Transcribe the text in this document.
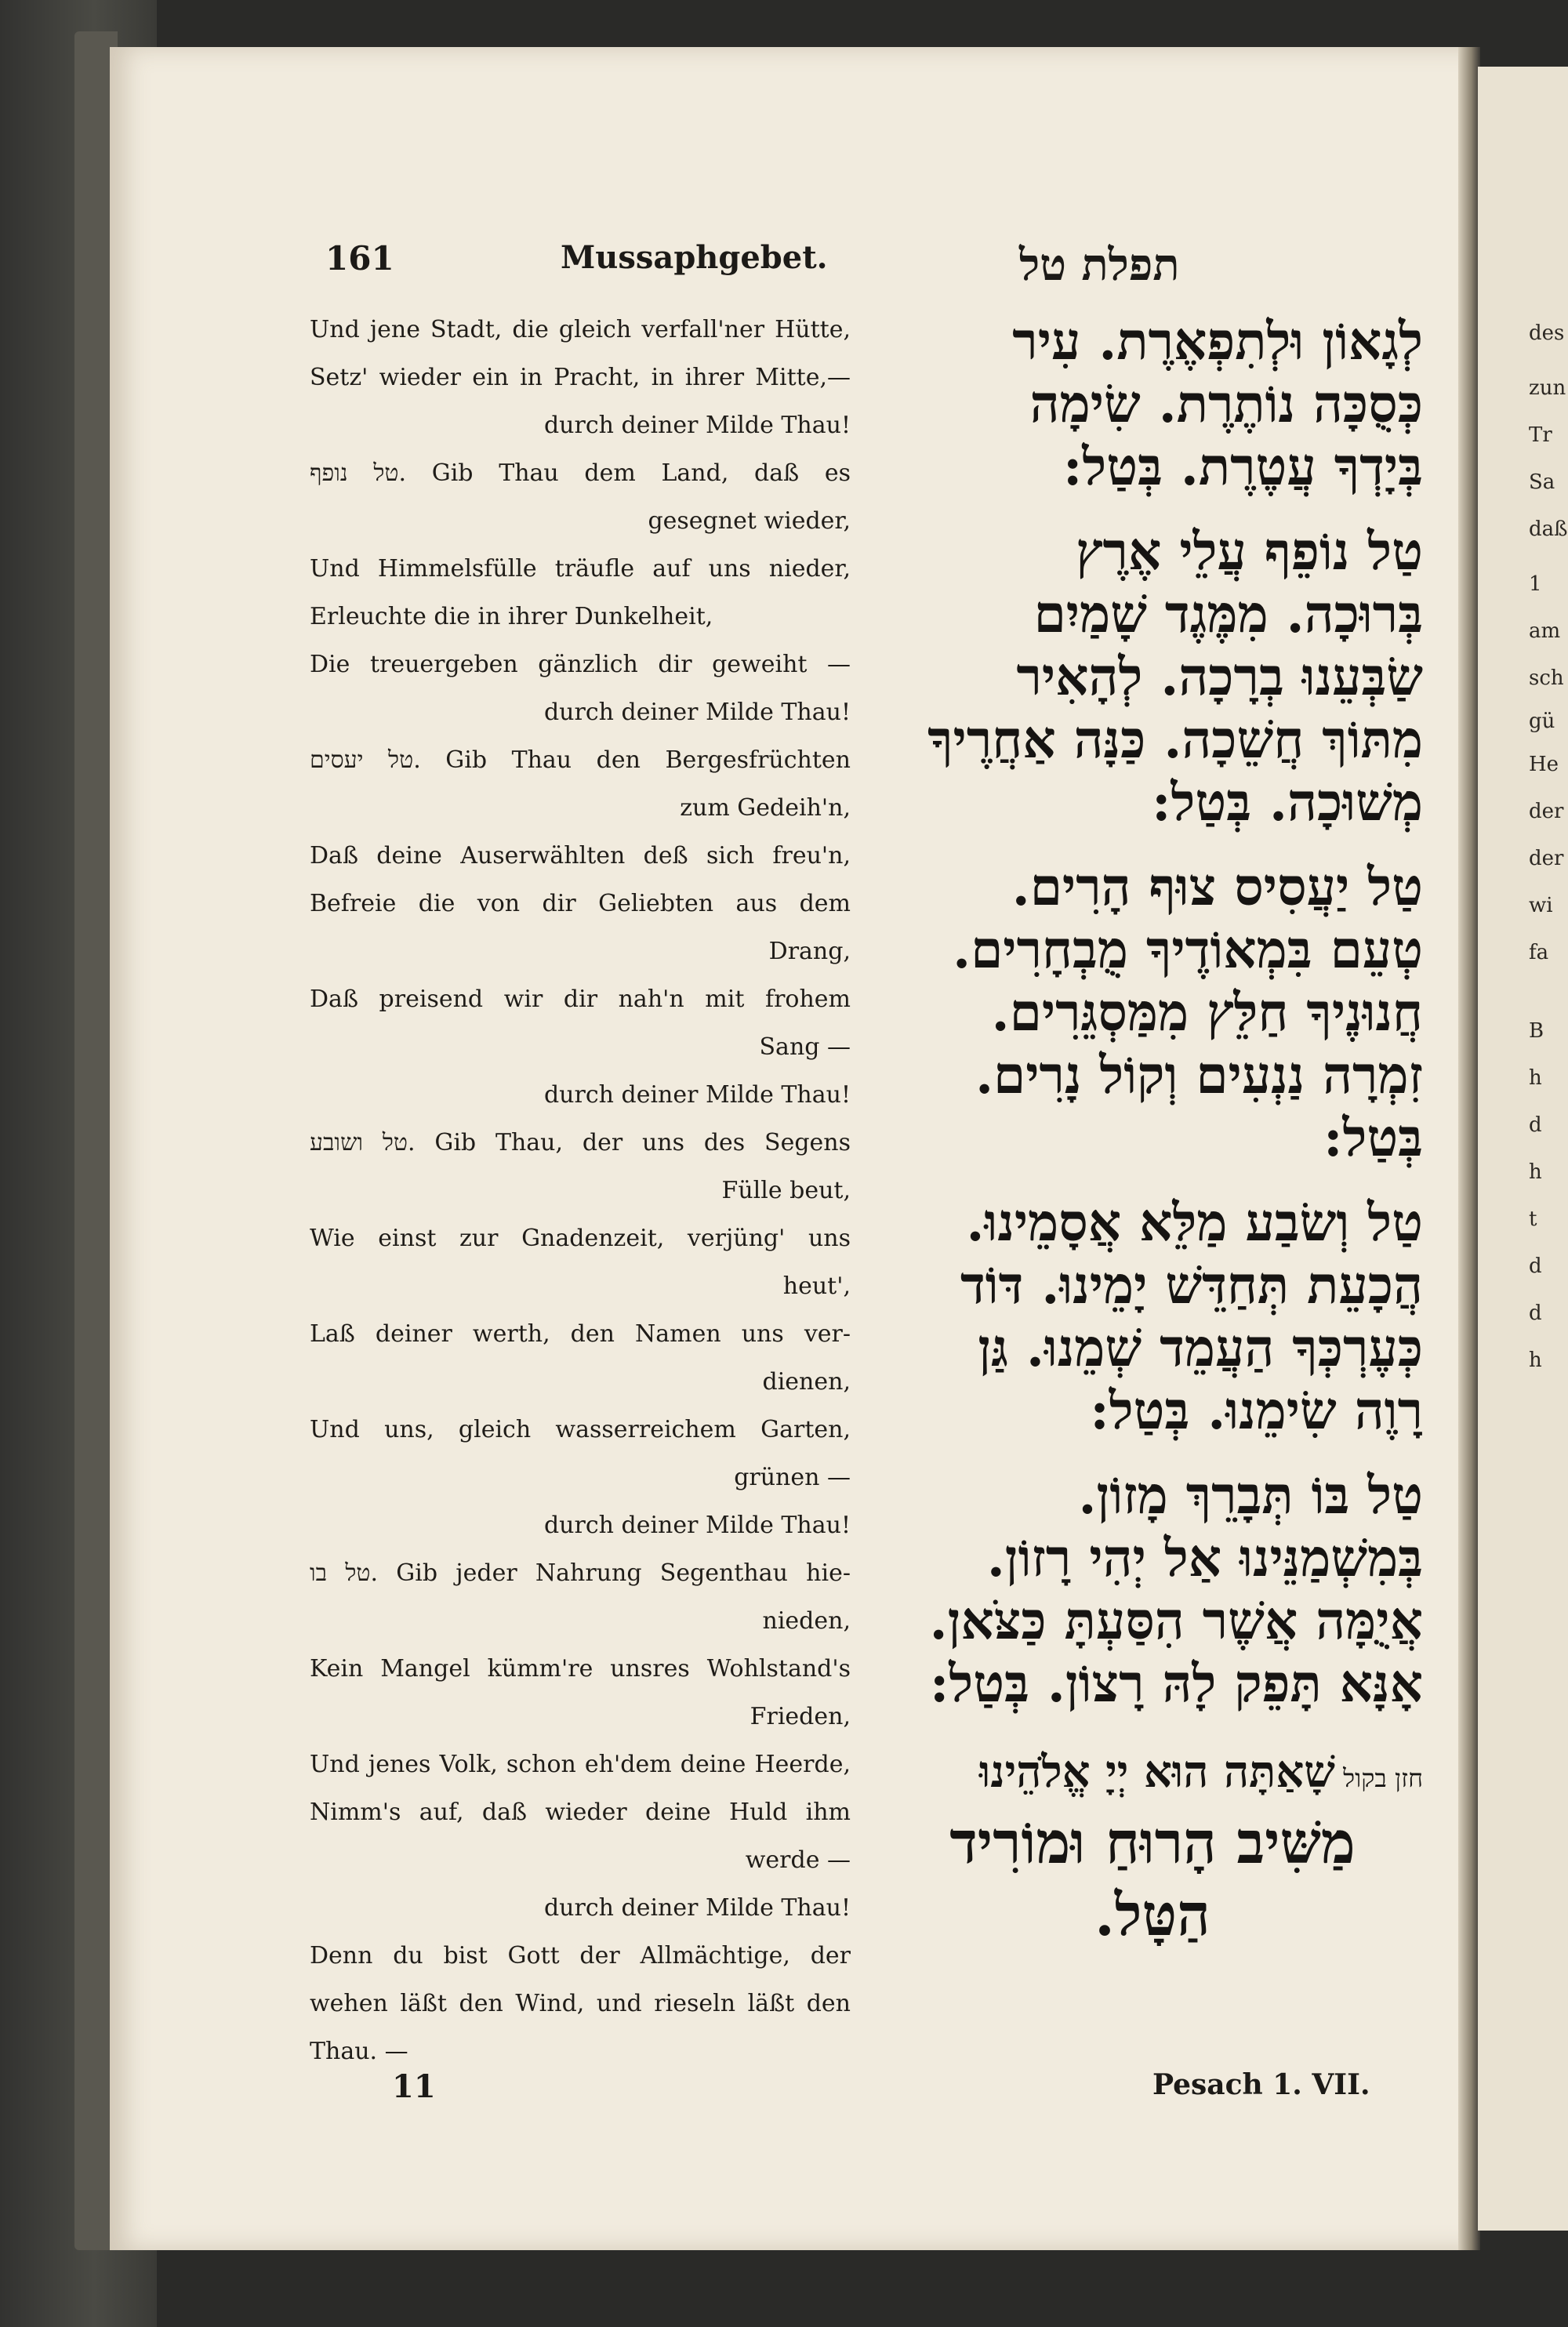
161	Mussaphgebet.	תפלת טל
Und jene Stadt, die gleich verfall'ner Hütte,
Setz' wieder ein in Pracht, in ihrer Mitte,—
durch deiner Milde Thau!
טל נופף. Gib Thau dem Land, daß es
gesegnet wieder,
Und Himmelsfülle träufle auf uns nieder,
Erleuchte die in ihrer Dunkelheit,
Die treuergeben gänzlich dir geweiht —
durch deiner Milde Thau!
טל יעסים. Gib Thau den Bergesfrüchten
zum Gedeih'n,
Daß deine Auserwählten deß sich freu'n,
Befreie die von dir Geliebten aus dem
Drang,
Daß preisend wir dir nah'n mit frohem
Sang —
durch deiner Milde Thau!
טל ושובע. Gib Thau, der uns des Segens
Fülle beut,
Wie einst zur Gnadenzeit, verjüng' uns
heut',
Laß deiner werth, den Namen uns ver-
dienen,
Und uns, gleich wasserreichem Garten,
grünen —
durch deiner Milde Thau!
טל בו. Gib jeder Nahrung Segenthau hie-
nieden,
Kein Mangel kümm're unsres Wohlstand's
Frieden,
Und jenes Volk, schon eh'dem deine Heerde,
Nimm's auf, daß wieder deine Huld ihm
werde —
durch deiner Milde Thau!
Denn du bist Gott der Allmächtige, der
wehen läßt den Wind, und rieseln läßt den
Thau. —
לְגָאוֹן וּלְתִפְאֶרֶת. עִיר
כְּסֻכָּה נוֹתֶרֶת. שִׂימָה
בְּיָדְךָ עֲטֶרֶת. בְּטַל:
טַל נוֹפֵף עֲלֵי אֶרֶץ
בְּרוּכָה. מִמֶּגֶד שָׁמַיִם
שַׂבְּעֵנוּ בְרָכָה. לְהָאִיר
מִתּוֹךְ חֲשֵׁכָה. כַּנָּה אַחֲרֶיךָ
מְשׁוּכָה. בְּטַל:
טַל יַעֲסִיס צוּף הָרִים.
טְעֵם בִּמְאוֹדֶיךָ מֻבְחָרִים.
חֲנוּנֶיךָ חַלֵּץ מִמַּסְגֵּרִים.
זִמְרָה נַנְעִים וְקוֹל נָרִים.
בְּטַל:
טַל וְשׂבַע מַלֵּא אֲסָמֵינוּ.
הֲכָעֵת תְּחַדֵּשׁ יָמֵינוּ. דּוֹד
כְּעֶרְכְּךָ הַעֲמֵד שְׁמֵנוּ. גַּן
רָוֶה שִׂימֵנוּ. בְּטַל:
טַל בּוֹ תְּבָרֵךְ מָזוֹן.
בְּמִשְׁמַנֵּינוּ אַל יְהִי רָזוֹן.
אֲיֻמָּה אֲשֶׁר הִסַּעְתָּ כַּצֹּאן.
אָנָּא תָּפֵק לָהּ רָצוֹן. בְּטַל:
חזן בקול שָׁאַתָּה הוּא יְיָ אֱלֹהֵינוּ
מַשִּׁיב הָרוּחַ וּמוֹרִיד
הַטָּל.
11	Pesach 1. VII.
des
zun
Tr
Sa
daß
1
am
sch
gü
He
der
der
wi
fa
B
h
d
h
t
d
d
h
